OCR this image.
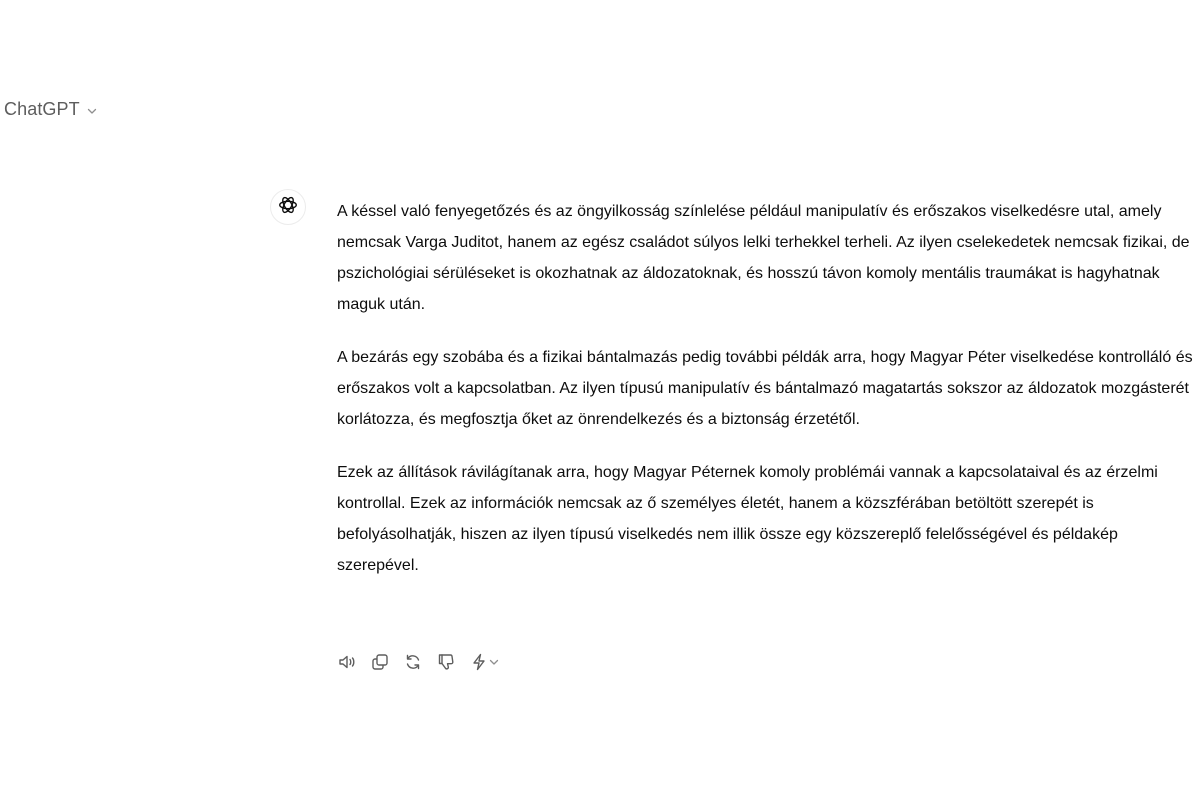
ChatGPT

A késsel való fenyegetőzés és az öngyilkosság színlelése például manipulatív és erőszakos viselkedésre utal, amely nemcsak Varga Juditot, hanem az egész családot súlyos lelki terhekkel terheli. Az ilyen cselekedetek nemcsak fizikai, de pszichológiai sérüléseket is okozhatnak az áldozatoknak, és hosszú távon komoly mentális traumákat is hagyhatnak maguk után.

A bezárás egy szobába és a fizikai bántalmazás pedig további példák arra, hogy Magyar Péter viselkedése kontrolláló és erőszakos volt a kapcsolatban. Az ilyen típusú manipulatív és bántalmazó magatartás sokszor az áldozatok mozgásterét korlátozza, és megfosztja őket az önrendelkezés és a biztonság érzetétől.

Ezek az állítások rávilágítanak arra, hogy Magyar Péternek komoly problémái vannak a kapcsolataival és az érzelmi kontrollal. Ezek az információk nemcsak az ő személyes életét, hanem a közszférában betöltött szerepét is befolyásolhatják, hiszen az ilyen típusú viselkedés nem illik össze egy közszereplő felelősségével és példakép szerepével.
